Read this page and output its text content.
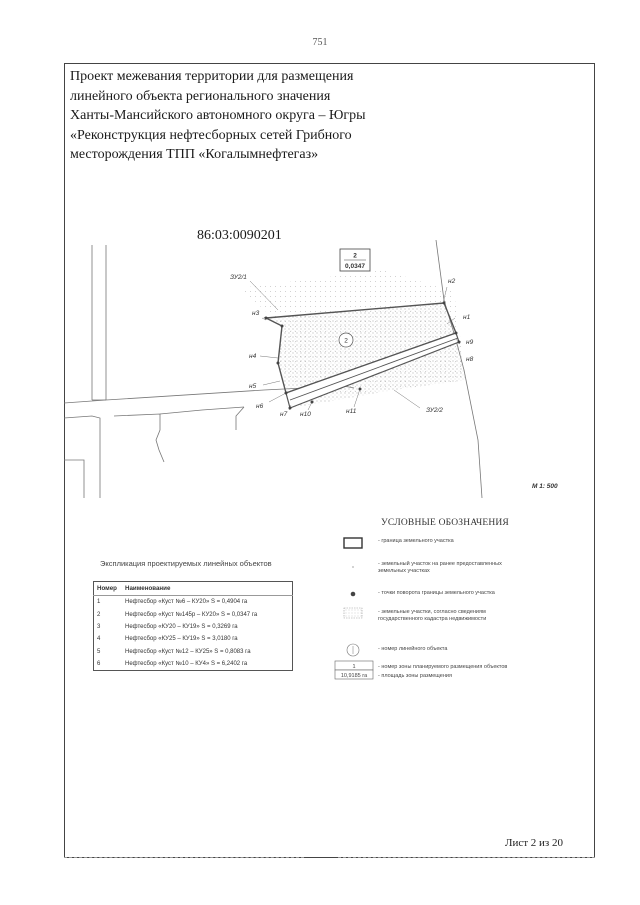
751
Проект межевания территории для размещения
линейного объекта регионального значения
Ханты-Мансийского автономного округа – Югры
«Реконструкция нефтесборных сетей Грибного
месторождения ТПП «Когалымнефтегаз»
86:03:0090201
2
0,0347
2
ЗУ2/1
ЗУ2/2
н1
н2
н3
н4
н5
н6
н7
н8
н9
н10	н11
М 1: 500
УСЛОВНЫЕ ОБОЗНАЧЕНИЯ
1
10,9185 га
- граница земельного участка
- земельный участок на ранее предоставленных земельных участках
- точки поворота границы земельного участка
- земельные участки, согласно сведениям государственного кадастра недвижимости
- номер линейного объекта
- номер зоны планируемого размещения объектов
- площадь зоны размещения
Экспликация проектируемых линейных объектов
Номер	Наименование
1	Нефтесбор «Куст №6 – КУ20» S = 0,4904 га
2	Нефтесбор «Куст №145р – КУ20» S = 0,0347 га
3	Нефтесбор «КУ20 – КУ19» S = 0,3269 га
4	Нефтесбор «КУ25 – КУ19» S = 3,0180 га
5	Нефтесбор «Куст №12 – КУ25» S = 0,8083 га
6	Нефтесбор «Куст №10 – КУ4» S = 6,2402 га
Лист 2 из 20
